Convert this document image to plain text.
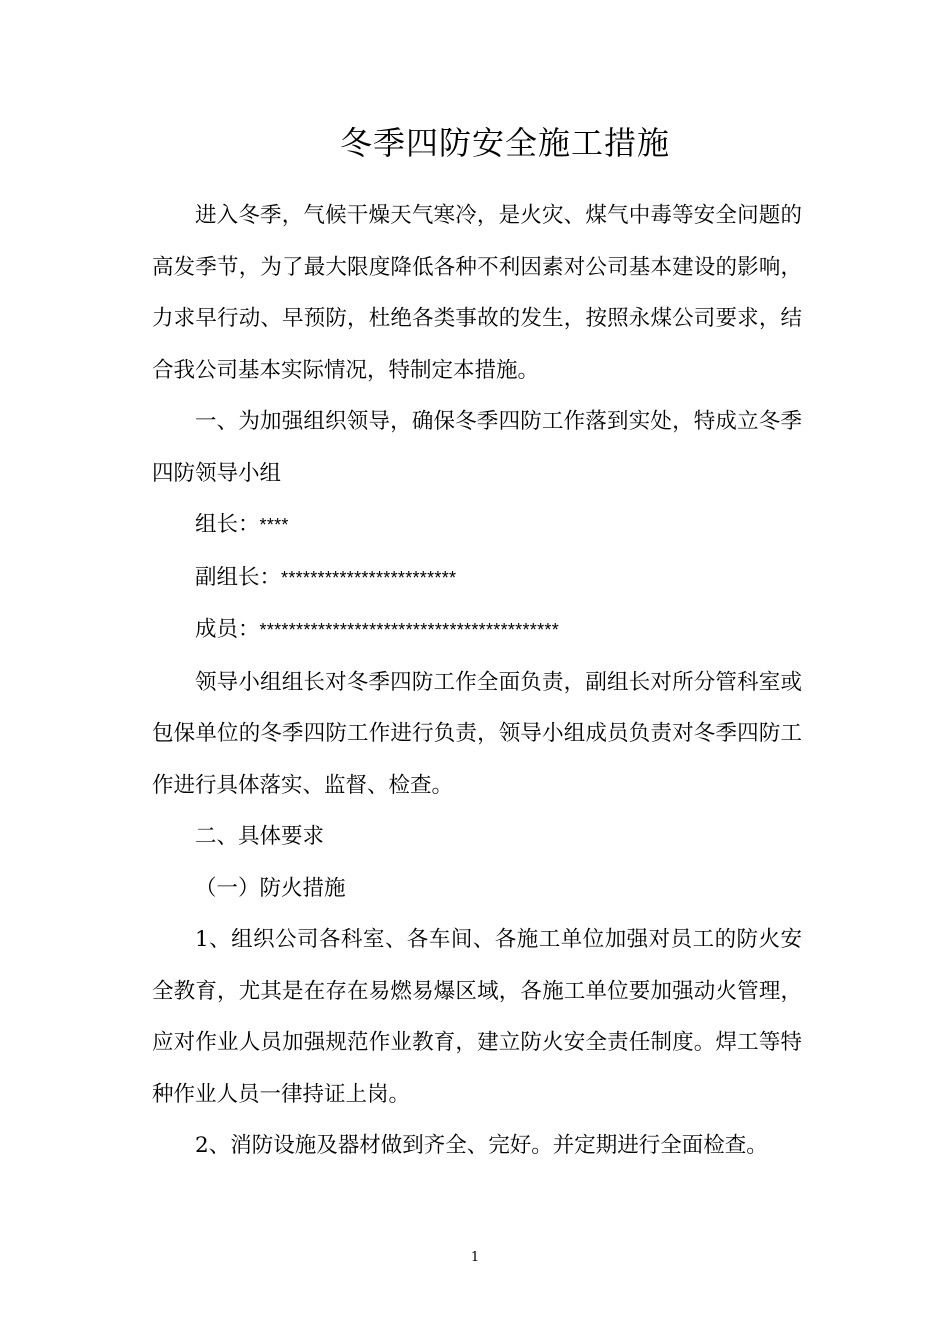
冬季四防安全施工措施

进入冬季，气候干燥天气寒冷，是火灾、煤气中毒等安全问题的高发季节，为了最大限度降低各种不利因素对公司基本建设的影响，力求早行动、早预防，杜绝各类事故的发生，按照永煤公司要求，结合我公司基本实际情况，特制定本措施。

一、为加强组织领导，确保冬季四防工作落到实处，特成立冬季四防领导小组

组长：****

副组长：************************

成员：*****************************************

领导小组组长对冬季四防工作全面负责，副组长对所分管科室或包保单位的冬季四防工作进行负责，领导小组成员负责对冬季四防工作进行具体落实、监督、检查。

二、具体要求

（一）防火措施

1、组织公司各科室、各车间、各施工单位加强对员工的防火安全教育，尤其是在存在易燃易爆区域，各施工单位要加强动火管理，应对作业人员加强规范作业教育，建立防火安全责任制度。焊工等特种作业人员一律持证上岗。

2、消防设施及器材做到齐全、完好。并定期进行全面检查。

1
